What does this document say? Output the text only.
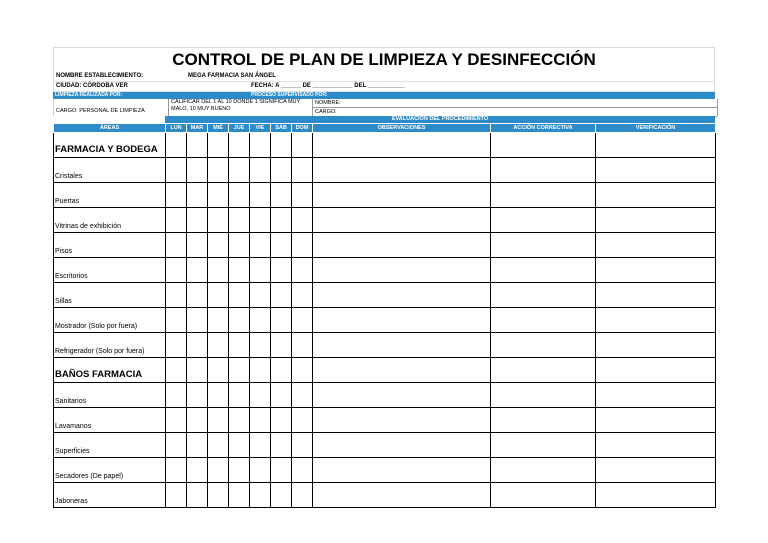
CONTROL DE PLAN DE LIMPIEZA Y DESINFECCIÓN
NOMBRE ESTABLECIMIENTO:	MEGA FARMACIA SAN ÁNGEL
CIUDAD: CÓRDOBA VER	FECHA: A ______ DE ____________ DEL ___________
LIMPIEZA REALIZADA POR:	PROCESO SUPERVISADO POR:
CARGO: PERSONAL DE LIMPIEZA
CALIFICAR DEL 1 AL 10 DONDE 1 SIGNIFICA MUY MALO, 10 MUY BUENO
NOMBRE:
CARGO:
EVALUACIÓN DEL PROCEDIMIENTO
ÁREAS	LUN	MAR	MIÉ	JUE	VIE	SÁB	DOM	OBSERVACIONES	ACCIÓN CORRECTIVA	VERIFICACIÓN
FARMACIA Y BODEGA										
Cristales										
Puertas										
Vitrinas de exhibición										
Pisos										
Escritorios										
Sillas										
Mostrador (Solo por fuera)										
Refrigerador (Solo por fuera)										
BAÑOS FARMACIA										
Sanitarios										
Lavamanos										
Superficies										
Secadores (De papel)										
Jaboneras										
